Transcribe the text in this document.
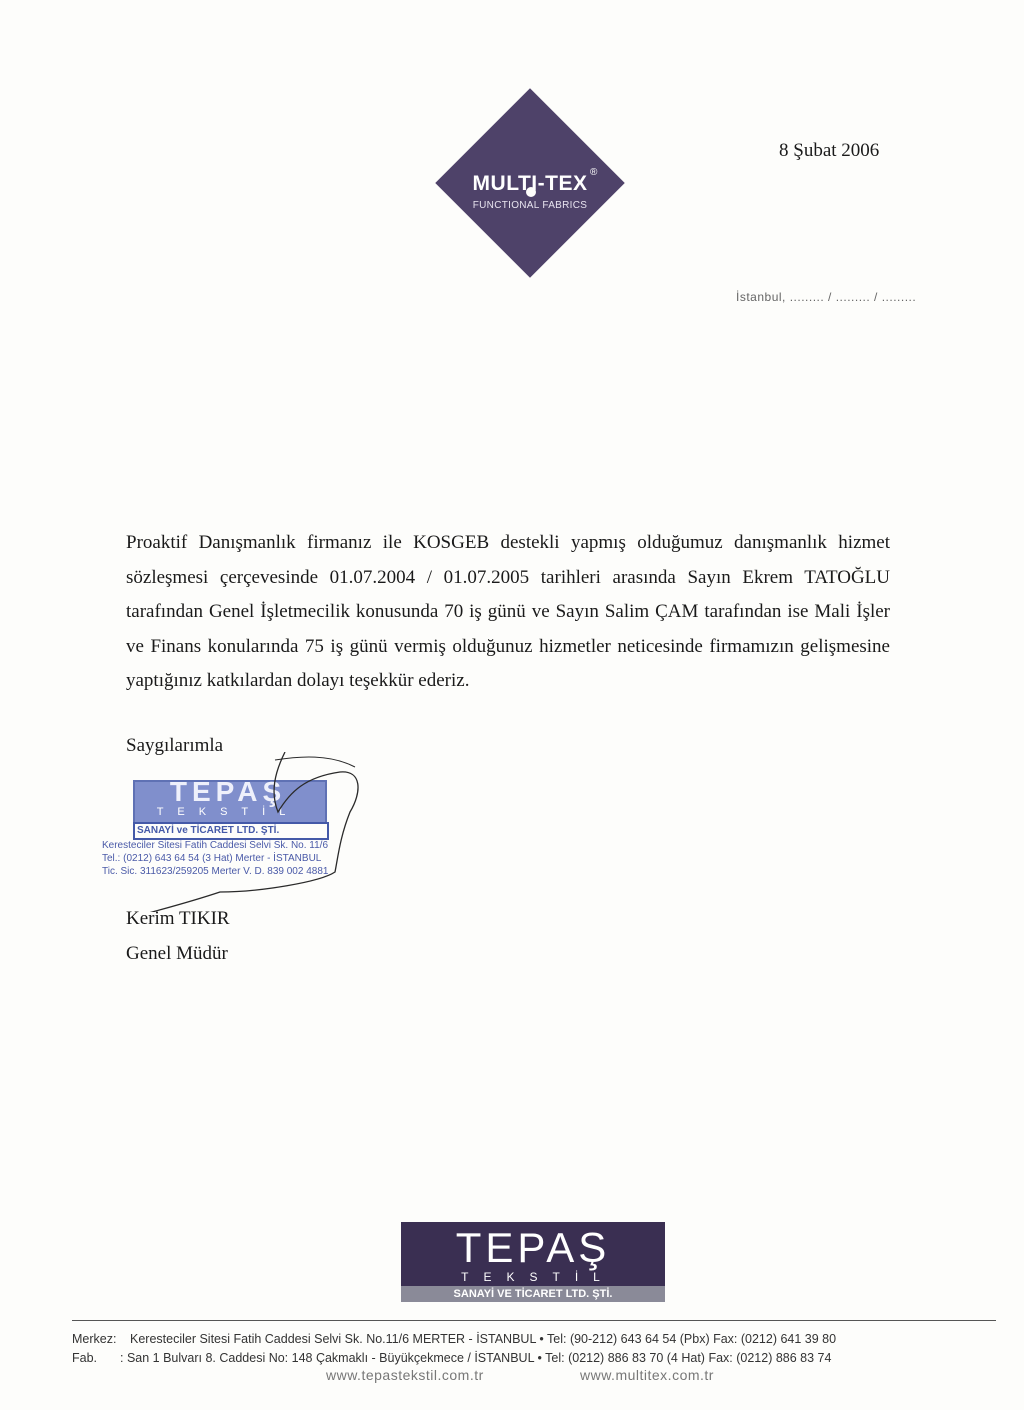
MULTI-TEX ®
FUNCTIONAL FABRICS
8 Şubat 2006
İstanbul, ......... / ......... / .........
Proaktif Danışmanlık firmanız ile KOSGEB destekli yapmış olduğumuz danışmanlık hizmet sözleşmesi çerçevesinde 01.07.2004 / 01.07.2005 tarihleri arasında Sayın Ekrem TATOĞLU tarafından Genel İşletmecilik konusunda 70 iş günü ve Sayın Salim ÇAM tarafından ise Mali İşler ve Finans konularında 75 iş günü vermiş olduğunuz hizmetler neticesinde firmamızın gelişmesine yaptığınız katkılardan dolayı teşekkür ederiz.
Saygılarımla
TEPAŞ
TEKSTİL
SANAYİ ve TİCARET LTD. ŞTİ.
Keresteciler Sitesi Fatih Caddesi Selvi Sk. No. 11/6
Tel.: (0212) 643 64 54 (3 Hat) Merter - İSTANBUL
Tic. Sic. 311623/259205 Merter V. D. 839 002 4881
Kerim TIKIR
Genel Müdür
TEPAŞ
TEKSTİL
SANAYİ VE TİCARET LTD. ŞTİ.
Merkez:	Keresteciler Sitesi Fatih Caddesi Selvi Sk. No.11/6 MERTER - İSTANBUL • Tel: (90-212) 643 64 54 (Pbx) Fax: (0212) 641 39 80
Fab.	: San 1 Bulvarı 8. Caddesi No: 148 Çakmaklı - Büyükçekmece / İSTANBUL • Tel: (0212) 886 83 70 (4 Hat) Fax: (0212) 886 83 74
www.tepastekstil.com.tr	www.multitex.com.tr
